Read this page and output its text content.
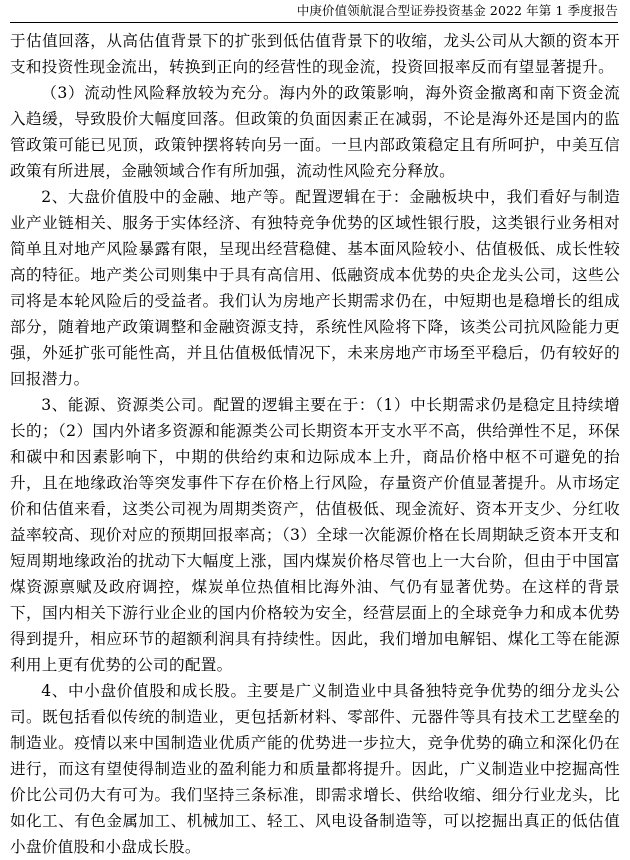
中庚价值领航混合型证券投资基金 2022 年第 1 季度报告

于估值回落，从高估值背景下的扩张到低估值背景下的收缩，龙头公司从大额的资本开支和投资性现金流出，转换到正向的经营性的现金流，投资回报率反而有望显著提升。

（3）流动性风险释放较为充分。海内外的政策影响，海外资金撤离和南下资金流入趋缓，导致股价大幅度回落。但政策的负面因素正在减弱，不论是海外还是国内的监管政策可能已见顶，政策钟摆将转向另一面。一旦内部政策稳定且有所呵护，中美互信政策有所进展，金融领域合作有所加强，流动性风险充分释放。

2、大盘价值股中的金融、地产等。配置逻辑在于：金融板块中，我们看好与制造业产业链相关、服务于实体经济、有独特竞争优势的区域性银行股，这类银行业务相对简单且对地产风险暴露有限，呈现出经营稳健、基本面风险较小、估值极低、成长性较高的特征。地产类公司则集中于具有高信用、低融资成本优势的央企龙头公司，这些公司将是本轮风险后的受益者。我们认为房地产长期需求仍在，中短期也是稳增长的组成部分，随着地产政策调整和金融资源支持，系统性风险将下降，该类公司抗风险能力更强，外延扩张可能性高，并且估值极低情况下，未来房地产市场至平稳后，仍有较好的回报潜力。

3、能源、资源类公司。配置的逻辑主要在于：（1）中长期需求仍是稳定且持续增长的；（2）国内外诸多资源和能源类公司长期资本开支水平不高，供给弹性不足，环保和碳中和因素影响下，中期的供给约束和边际成本上升，商品价格中枢不可避免的抬升，且在地缘政治等突发事件下存在价格上行风险，存量资产价值显著提升。从市场定价和估值来看，这类公司视为周期类资产，估值极低、现金流好、资本开支少、分红收益率较高、现价对应的预期回报率高；（3）全球一次能源价格在长周期缺乏资本开支和短周期地缘政治的扰动下大幅度上涨，国内煤炭价格尽管也上一大台阶，但由于中国富煤资源禀赋及政府调控，煤炭单位热值相比海外油、气仍有显著优势。在这样的背景下，国内相关下游行业企业的国内价格较为安全，经营层面上的全球竞争力和成本优势得到提升，相应环节的超额利润具有持续性。因此，我们增加电解铝、煤化工等在能源利用上更有优势的公司的配置。

4、中小盘价值股和成长股。主要是广义制造业中具备独特竞争优势的细分龙头公司。既包括看似传统的制造业，更包括新材料、零部件、元器件等具有技术工艺壁垒的制造业。疫情以来中国制造业优质产能的优势进一步拉大，竞争优势的确立和深化仍在进行，而这有望使得制造业的盈利能力和质量都将提升。因此，广义制造业中挖掘高性价比公司仍大有可为。我们坚持三条标准，即需求增长、供给收缩、细分行业龙头，比如化工、有色金属加工、机械加工、轻工、风电设备制造等，可以挖掘出真正的低估值小盘价值股和小盘成长股。
